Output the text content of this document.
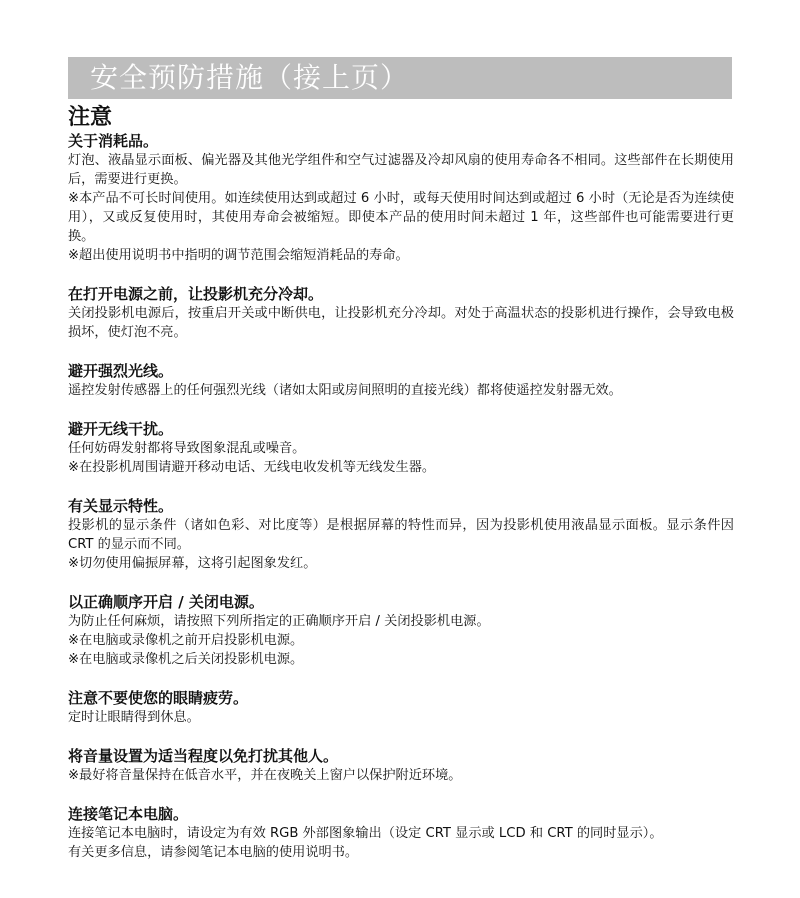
安全预防措施（接上页）

注意

关于消耗品。

灯泡、液晶显示面板、偏光器及其他光学组件和空气过滤器及冷却风扇的使用寿命各不相同。这些部件在长期使用后，需要进行更换。

※本产品不可长时间使用。如连续使用达到或超过 6 小时，或每天使用时间达到或超过 6 小时（无论是否为连续使用），又或反复使用时，其使用寿命会被缩短。即使本产品的使用时间未超过 1 年，这些部件也可能需要进行更换。

※超出使用说明书中指明的调节范围会缩短消耗品的寿命。

在打开电源之前，让投影机充分冷却。

关闭投影机电源后，按重启开关或中断供电，让投影机充分冷却。对处于高温状态的投影机进行操作，会导致电极损坏，使灯泡不亮。

避开强烈光线。

遥控发射传感器上的任何强烈光线（诸如太阳或房间照明的直接光线）都将使遥控发射器无效。

避开无线干扰。

任何妨碍发射都将导致图象混乱或噪音。

※在投影机周围请避开移动电话、无线电收发机等无线发生器。

有关显示特性。

投影机的显示条件（诸如色彩、对比度等）是根据屏幕的特性而异，因为投影机使用液晶显示面板。显示条件因 CRT 的显示而不同。

※切勿使用偏振屏幕，这将引起图象发红。

以正确顺序开启 / 关闭电源。

为防止任何麻烦，请按照下列所指定的正确顺序开启 / 关闭投影机电源。

※在电脑或录像机之前开启投影机电源。

※在电脑或录像机之后关闭投影机电源。

注意不要使您的眼睛疲劳。

定时让眼睛得到休息。

将音量设置为适当程度以免打扰其他人。

※最好将音量保持在低音水平，并在夜晚关上窗户以保护附近环境。

连接笔记本电脑。

连接笔记本电脑时，请设定为有效 RGB 外部图象输出（设定 CRT 显示或 LCD 和 CRT 的同时显示）。

有关更多信息，请参阅笔记本电脑的使用说明书。
